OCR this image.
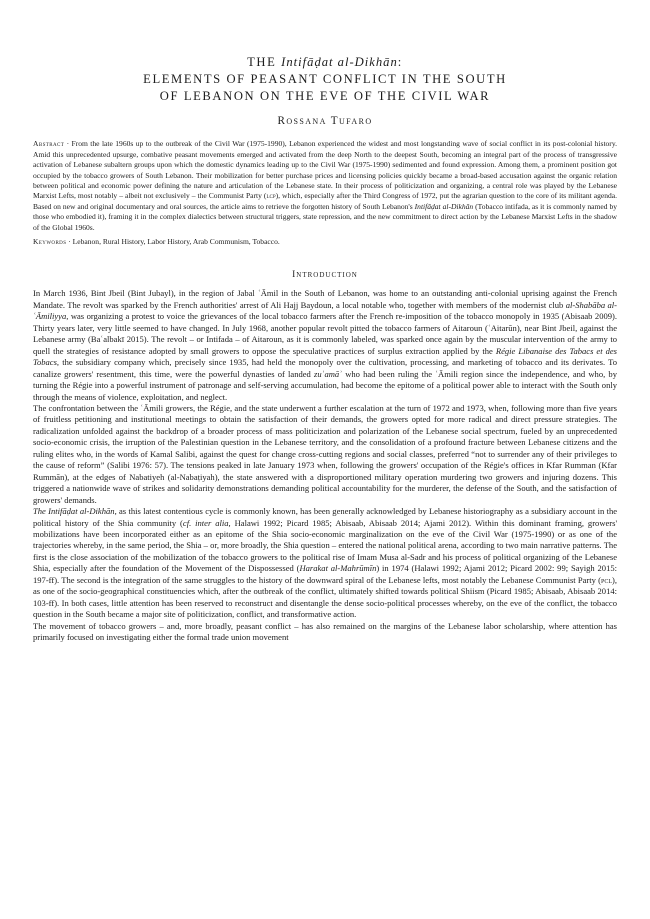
THE Intifāḍat al-Dikhān:
ELEMENTS OF PEASANT CONFLICT IN THE SOUTH
OF LEBANON ON THE EVE OF THE CIVIL WAR
Rossana Tufaro
Abstract · From the late 1960s up to the outbreak of the Civil War (1975-1990), Lebanon experienced the widest and most longstanding wave of social conflict in its post-colonial history. Amid this unprecedented upsurge, combative peasant movements emerged and activated from the deep North to the deepest South, becoming an integral part of the process of transgressive activation of Lebanese subaltern groups upon which the domestic dynamics leading up to the Civil War (1975-1990) sedimented and found expression. Among them, a prominent position got occupied by the tobacco growers of South Lebanon. Their mobilization for better purchase prices and licensing policies quickly became a broad-based accusation against the organic relation between political and economic power defining the nature and articulation of the Lebanese state. In their process of politicization and organizing, a central role was played by the Lebanese Marxist Lefts, most notably – albeit not exclusively – the Communist Party (lcp), which, especially after the Third Congress of 1972, put the agrarian question to the core of its militant agenda. Based on new and original documentary and oral sources, the article aims to retrieve the forgotten history of South Lebanon's Intifāḍat al-Dikhān (Tobacco intifada, as it is commonly named by those who embodied it), framing it in the complex dialectics between structural triggers, state repression, and the new commitment to direct action by the Lebanese Marxist Lefts in the shadow of the Global 1960s.
Keywords · Lebanon, Rural History, Labor History, Arab Communism, Tobacco.
Introduction

In March 1936, Bint Jbeil (Bint Jubayl), in the region of Jabal ʿĀmil in the South of Lebanon, was home to an outstanding anti-colonial uprising against the French Mandate. The revolt was sparked by the French authorities' arrest of Ali Hajj Baydoun, a local notable who, together with members of the modernist club al-Shabāba al-ʿĀmiliyya, was organizing a protest to voice the grievances of the local tobacco farmers after the French re-imposition of the tobacco monopoly in 1935 (Abisaab 2009). Thirty years later, very little seemed to have changed. In July 1968, another popular revolt pitted the tobacco farmers of Aitaroun (ʿAitarūn), near Bint Jbeil, against the Lebanese army (Baʿalbakī 2015). The revolt – or Intifada – of Aitaroun, as it is commonly labeled, was sparked once again by the muscular intervention of the army to quell the strategies of resistance adopted by small growers to oppose the speculative practices of surplus extraction applied by the Régie Libanaise des Tabacs et des Tobacs, the subsidiary company which, precisely since 1935, had held the monopoly over the cultivation, processing, and marketing of tobacco and its derivates. To canalize growers' resentment, this time, were the powerful dynasties of landed zuʿamāʾ who had been ruling the ʿĀmili region since the independence, and who, by turning the Régie into a powerful instrument of patronage and self-serving accumulation, had become the epitome of a political power able to interact with the South only through the means of violence, exploitation, and neglect.

The confrontation between the ʿĀmili growers, the Régie, and the state underwent a further escalation at the turn of 1972 and 1973, when, following more than five years of fruitless petitioning and institutional meetings to obtain the satisfaction of their demands, the growers opted for more radical and direct pressure strategies. The radicalization unfolded against the backdrop of a broader process of mass politicization and polarization of the Lebanese social spectrum, fueled by an unprecedented socio-economic crisis, the irruption of the Palestinian question in the Lebanese territory, and the consolidation of a profound fracture between Lebanese citizens and the ruling elites who, in the words of Kamal Salibi, against the quest for change cross-cutting regions and social classes, preferred “not to surrender any of their privileges to the cause of reform” (Salibi 1976: 57). The tensions peaked in late January 1973 when, following the growers' occupation of the Régie's offices in Kfar Rumman (Kfar Rummān), at the edges of Nabatiyeh (al-Nabaṭiyah), the state answered with a disproportioned military operation murdering two growers and injuring dozens. This triggered a nationwide wave of strikes and solidarity demonstrations demanding political accountability for the murderer, the defense of the South, and the satisfaction of growers' demands.

The Intifāḍat al-Dikhān, as this latest contentious cycle is commonly known, has been generally acknowledged by Lebanese historiography as a subsidiary account in the political history of the Shia community (cf. inter alia, Halawi 1992; Picard 1985; Abisaab, Abisaab 2014; Ajami 2012). Within this dominant framing, growers' mobilizations have been incorporated either as an epitome of the Shia socio-economic marginalization on the eve of the Civil War (1975-1990) or as one of the trajectories whereby, in the same period, the Shia – or, more broadly, the Shia question – entered the national political arena, according to two main narrative patterns. The first is the close association of the mobilization of the tobacco growers to the political rise of Imam Musa al-Sadr and his process of political organizing of the Lebanese Shia, especially after the foundation of the Movement of the Dispossessed (Harakat al-Mahrūmīn) in 1974 (Halawi 1992; Ajami 2012; Picard 2002: 99; Sayigh 2015: 197-ff). The second is the integration of the same struggles to the history of the downward spiral of the Lebanese lefts, most notably the Lebanese Communist Party (pcl), as one of the socio-geographical constituencies which, after the outbreak of the conflict, ultimately shifted towards political Shiism (Picard 1985; Abisaab, Abisaab 2014: 103-ff). In both cases, little attention has been reserved to reconstruct and disentangle the dense socio-political processes whereby, on the eve of the conflict, the tobacco question in the South became a major site of politicization, conflict, and transformative action.

The movement of tobacco growers – and, more broadly, peasant conflict – has also remained on the margins of the Lebanese labor scholarship, where attention has primarily focused on investigating either the formal trade union movement
